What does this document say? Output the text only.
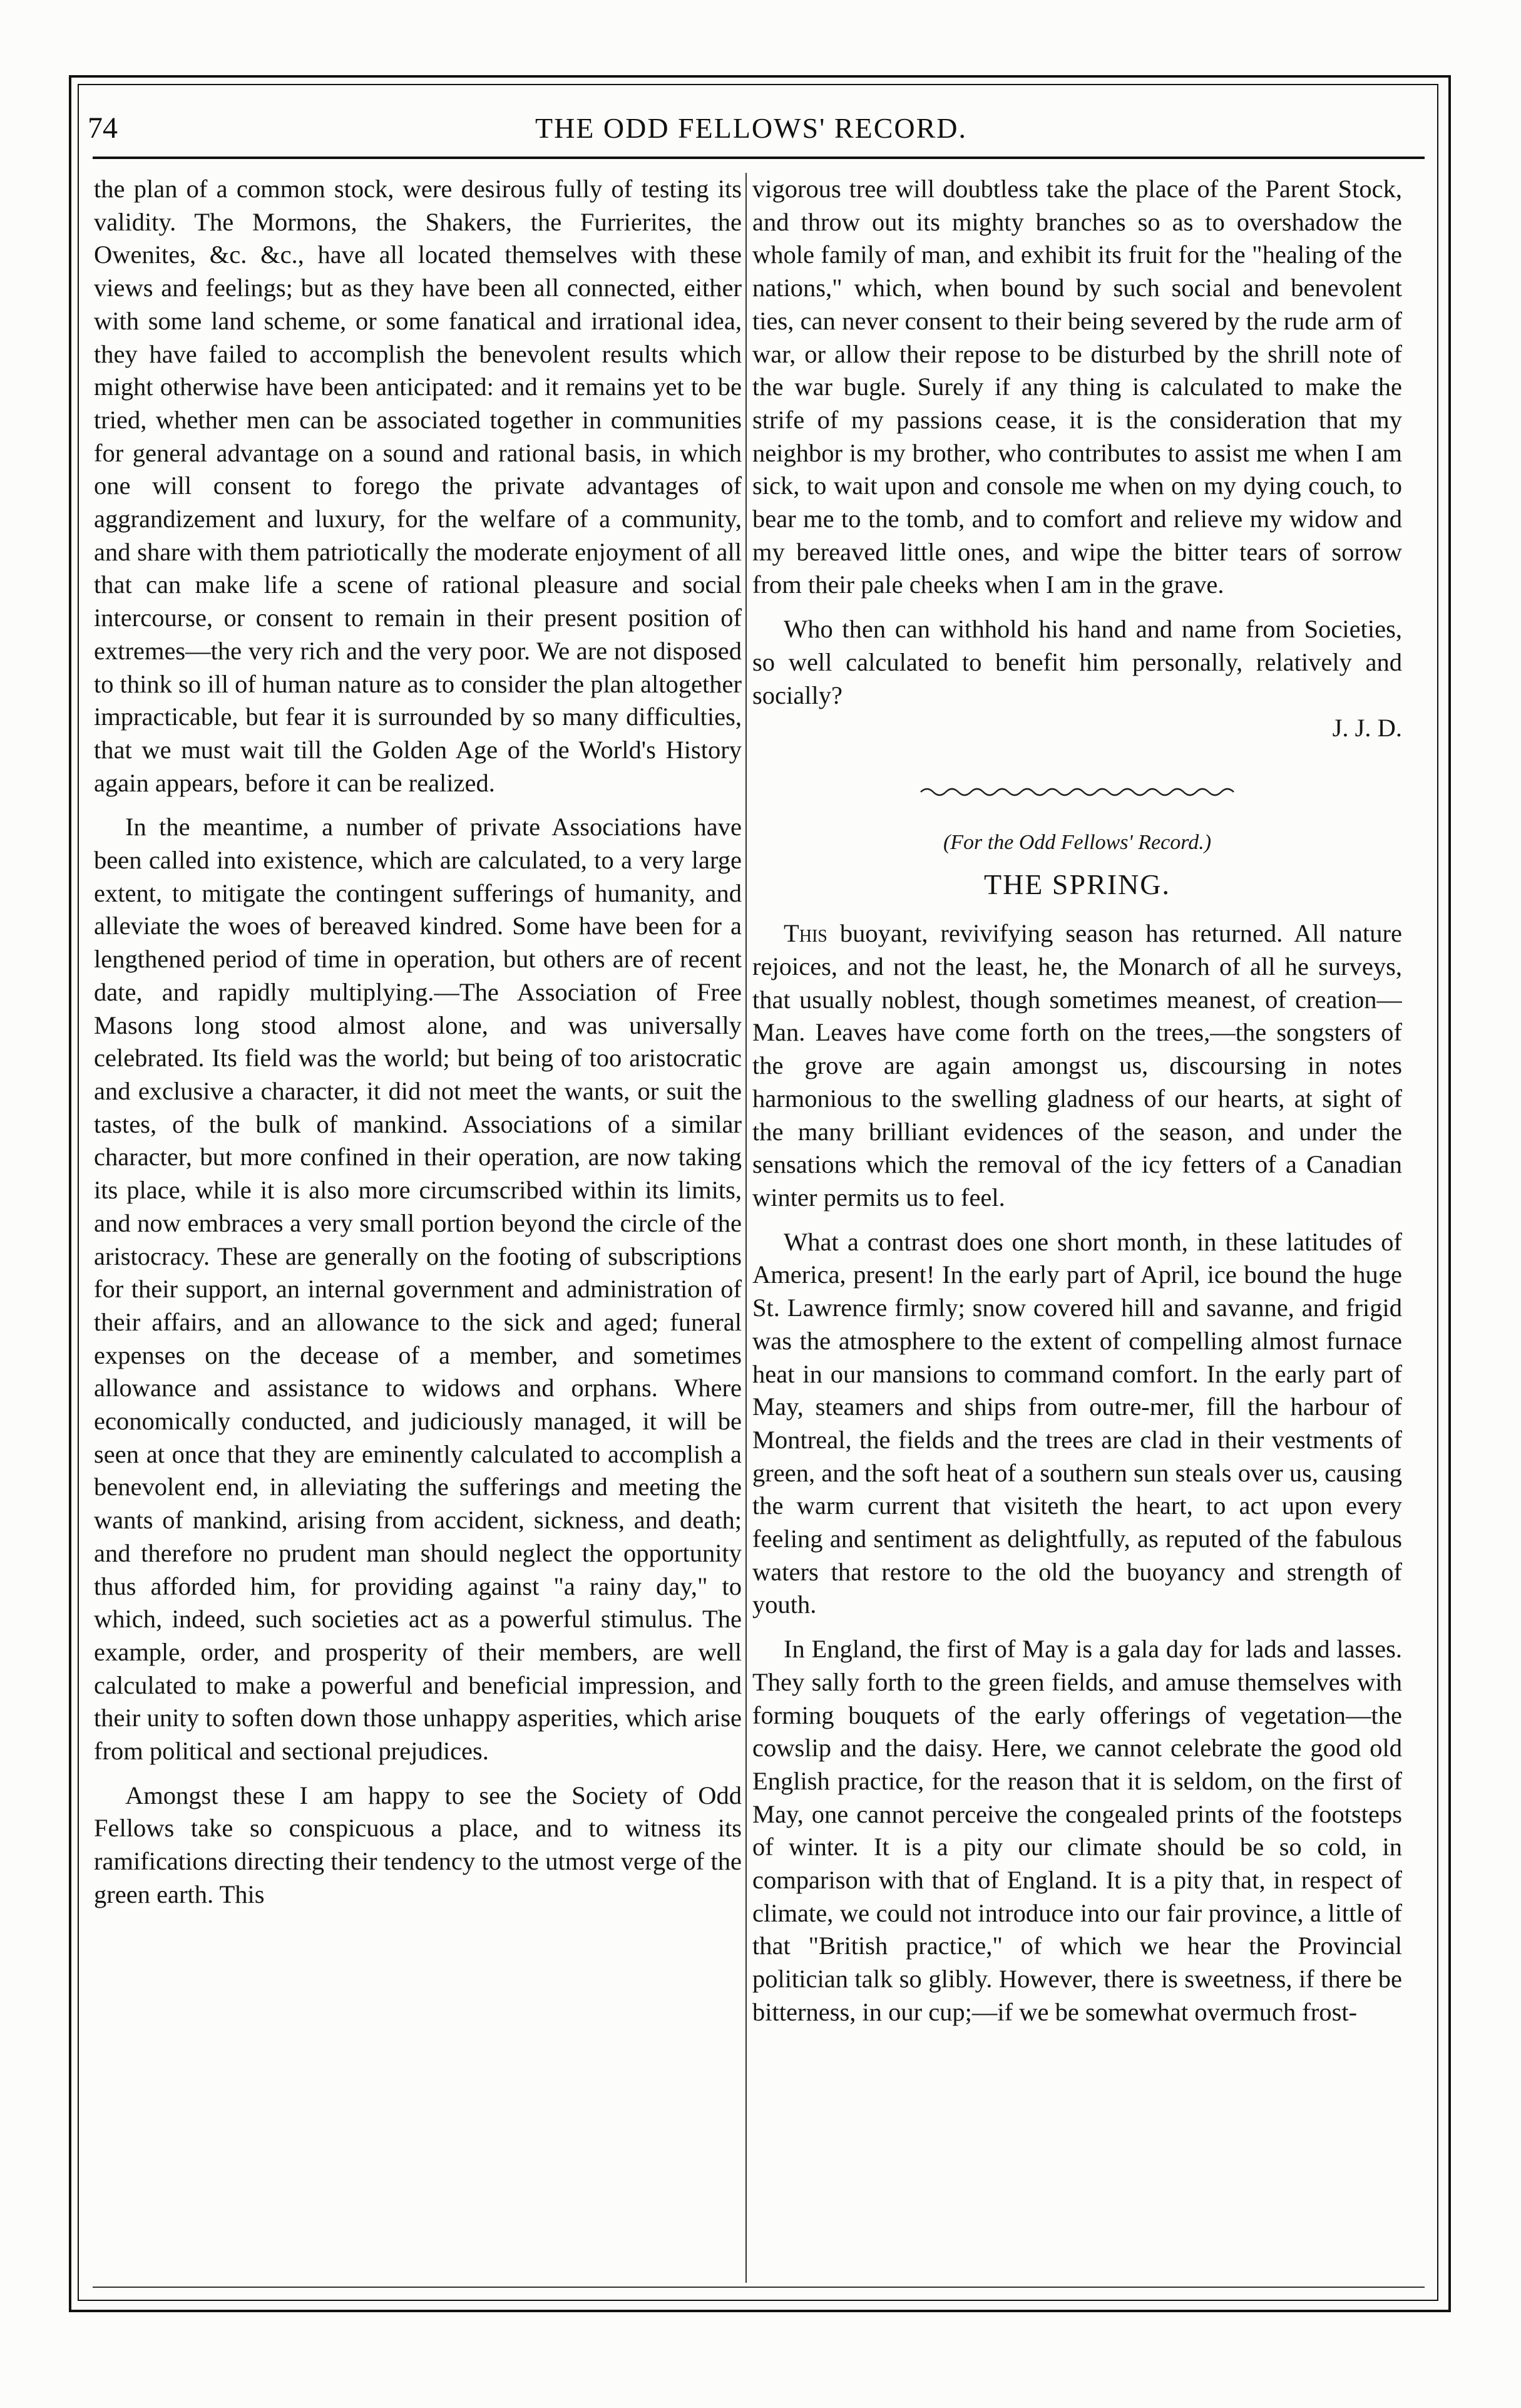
74	THE ODD FELLOWS' RECORD.

the plan of a common stock, were desirous fully of testing its validity. The Mormons, the Shakers, the Furrierites, the Owenites, &c. &c., have all located themselves with these views and feelings; but as they have been all connected, either with some land scheme, or some fanatical and irrational idea, they have failed to accomplish the benevolent results which might otherwise have been anticipated: and it remains yet to be tried, whether men can be associated together in communities for general advantage on a sound and rational basis, in which one will consent to forego the private advantages of aggrandizement and luxury, for the welfare of a community, and share with them patriotically the moderate enjoyment of all that can make life a scene of rational pleasure and social intercourse, or consent to remain in their present position of extremes—the very rich and the very poor. We are not disposed to think so ill of human nature as to consider the plan altogether impracticable, but fear it is surrounded by so many difficulties, that we must wait till the Golden Age of the World's History again appears, before it can be realized.

In the meantime, a number of private Associations have been called into existence, which are calculated, to a very large extent, to mitigate the contingent sufferings of humanity, and alleviate the woes of bereaved kindred. Some have been for a lengthened period of time in operation, but others are of recent date, and rapidly multiplying.—The Association of Free Masons long stood almost alone, and was universally celebrated. Its field was the world; but being of too aristocratic and exclusive a character, it did not meet the wants, or suit the tastes, of the bulk of mankind. Associations of a similar character, but more confined in their operation, are now taking its place, while it is also more circumscribed within its limits, and now embraces a very small portion beyond the circle of the aristocracy. These are generally on the footing of subscriptions for their support, an internal government and administration of their affairs, and an allowance to the sick and aged; funeral expenses on the decease of a member, and sometimes allowance and assistance to widows and orphans. Where economically conducted, and judiciously managed, it will be seen at once that they are eminently calculated to accomplish a benevolent end, in alleviating the sufferings and meeting the wants of mankind, arising from accident, sickness, and death; and therefore no prudent man should neglect the opportunity thus afforded him, for providing against "a rainy day," to which, indeed, such societies act as a powerful stimulus. The example, order, and prosperity of their members, are well calculated to make a powerful and beneficial impression, and their unity to soften down those unhappy asperities, which arise from political and sectional prejudices.

Amongst these I am happy to see the Society of Odd Fellows take so conspicuous a place, and to witness its ramifications directing their tendency to the utmost verge of the green earth. This

vigorous tree will doubtless take the place of the Parent Stock, and throw out its mighty branches so as to overshadow the whole family of man, and exhibit its fruit for the "healing of the nations," which, when bound by such social and benevolent ties, can never consent to their being severed by the rude arm of war, or allow their repose to be disturbed by the shrill note of the war bugle. Surely if any thing is calculated to make the strife of my passions cease, it is the consideration that my neighbor is my brother, who contributes to assist me when I am sick, to wait upon and console me when on my dying couch, to bear me to the tomb, and to comfort and relieve my widow and my bereaved little ones, and wipe the bitter tears of sorrow from their pale cheeks when I am in the grave.

Who then can withhold his hand and name from Societies, so well calculated to benefit him personally, relatively and socially?

J. J. D.

(For the Odd Fellows' Record.)

THE SPRING.

This buoyant, revivifying season has returned. All nature rejoices, and not the least, he, the Monarch of all he surveys, that usually noblest, though sometimes meanest, of creation—Man. Leaves have come forth on the trees,—the songsters of the grove are again amongst us, discoursing in notes harmonious to the swelling gladness of our hearts, at sight of the many brilliant evidences of the season, and under the sensations which the removal of the icy fetters of a Canadian winter permits us to feel.

What a contrast does one short month, in these latitudes of America, present! In the early part of April, ice bound the huge St. Lawrence firmly; snow covered hill and savanne, and frigid was the atmosphere to the extent of compelling almost furnace heat in our mansions to command comfort. In the early part of May, steamers and ships from outre-mer, fill the harbour of Montreal, the fields and the trees are clad in their vestments of green, and the soft heat of a southern sun steals over us, causing the warm current that visiteth the heart, to act upon every feeling and sentiment as delightfully, as reputed of the fabulous waters that restore to the old the buoyancy and strength of youth.

In England, the first of May is a gala day for lads and lasses. They sally forth to the green fields, and amuse themselves with forming bouquets of the early offerings of vegetation—the cowslip and the daisy. Here, we cannot celebrate the good old English practice, for the reason that it is seldom, on the first of May, one cannot perceive the congealed prints of the footsteps of winter. It is a pity our climate should be so cold, in comparison with that of England. It is a pity that, in respect of climate, we could not introduce into our fair province, a little of that "British practice," of which we hear the Provincial politician talk so glibly. However, there is sweetness, if there be bitterness, in our cup;—if we be somewhat overmuch frost-
